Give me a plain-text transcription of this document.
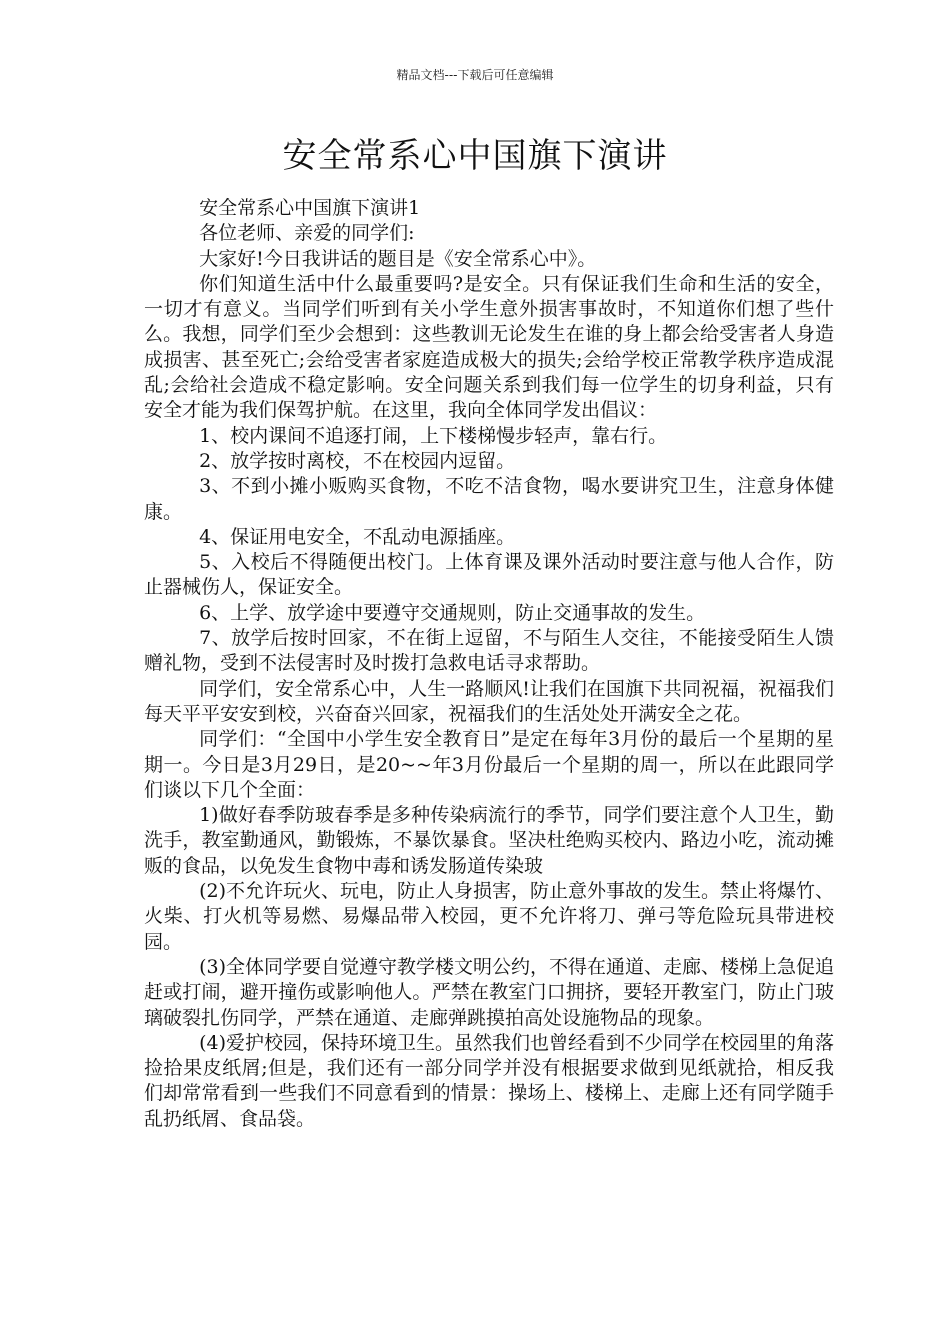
精品文档---下载后可任意编辑
安全常系心中国旗下演讲

安全常系心中国旗下演讲1

各位老师、亲爱的同学们:

大家好!今日我讲话的题目是《安全常系心中》。

你们知道生活中什么最重要吗?是安全。只有保证我们生命和生活的安全，一切才有意义。当同学们听到有关小学生意外损害事故时，不知道你们想了些什么。我想，同学们至少会想到：这些教训无论发生在谁的身上都会给受害者人身造成损害、甚至死亡;会给受害者家庭造成极大的损失;会给学校正常教学秩序造成混乱;会给社会造成不稳定影响。安全问题关系到我们每一位学生的切身利益，只有安全才能为我们保驾护航。在这里，我向全体同学发出倡议：

1、校内课间不追逐打闹，上下楼梯慢步轻声，靠右行。

2、放学按时离校，不在校园内逗留。

3、不到小摊小贩购买食物，不吃不洁食物，喝水要讲究卫生，注意身体健康。

4、保证用电安全，不乱动电源插座。

5、入校后不得随便出校门。上体育课及课外活动时要注意与他人合作，防止器械伤人，保证安全。

6、上学、放学途中要遵守交通规则，防止交通事故的发生。

7、放学后按时回家，不在街上逗留，不与陌生人交往，不能接受陌生人馈赠礼物，受到不法侵害时及时拨打急救电话寻求帮助。

同学们，安全常系心中，人生一路顺风!让我们在国旗下共同祝福，祝福我们每天平平安安到校，兴奋奋兴回家，祝福我们的生活处处开满安全之花。

同学们：“全国中小学生安全教育日”是定在每年3月份的最后一个星期的星期一。今日是3月29日，是20~~年3月份最后一个星期的周一，所以在此跟同学们谈以下几个全面：

1)做好春季防玻春季是多种传染病流行的季节，同学们要注意个人卫生，勤洗手，教室勤通风，勤锻炼，不暴饮暴食。坚决杜绝购买校内、路边小吃，流动摊贩的食品，以免发生食物中毒和诱发肠道传染玻

(2)不允许玩火、玩电，防止人身损害，防止意外事故的发生。禁止将爆竹、火柴、打火机等易燃、易爆品带入校园，更不允许将刀、弹弓等危险玩具带进校园。

(3)全体同学要自觉遵守教学楼文明公约，不得在通道、走廊、楼梯上急促追赶或打闹，避开撞伤或影响他人。严禁在教室门口拥挤，要轻开教室门，防止门玻璃破裂扎伤同学，严禁在通道、走廊弹跳摸拍高处设施物品的现象。

(4)爱护校园，保持环境卫生。虽然我们也曾经看到不少同学在校园里的角落捡拾果皮纸屑;但是，我们还有一部分同学并没有根据要求做到见纸就拾，相反我们却常常看到一些我们不同意看到的情景：操场上、楼梯上、走廊上还有同学随手乱扔纸屑、食品袋。
